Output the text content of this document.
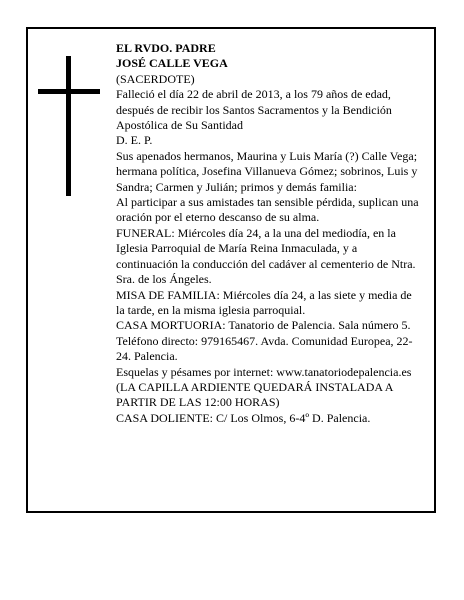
EL RVDO. PADRE

JOSÉ CALLE VEGA

(SACERDOTE)

Falleció el día 22 de abril de 2013, a los 79 años de edad, después de recibir los Santos Sacramentos y la Bendición Apostólica de Su Santidad

D. E. P.

Sus apenados hermanos, Maurina y Luis María (?) Calle Vega; hermana política, Josefina Villanueva Gómez; sobrinos, Luis y Sandra; Carmen y Julián; primos y demás familia:

Al participar a sus amistades tan sensible pérdida, suplican una oración por el eterno descanso de su alma.

FUNERAL: Miércoles día 24, a la una del mediodía, en la Iglesia Parroquial de María Reina Inmaculada, y a continuación la conducción del cadáver al cementerio de Ntra. Sra. de los Ángeles.

MISA DE FAMILIA: Miércoles día 24, a las siete y media de la tarde, en la misma iglesia parroquial.

CASA MORTUORIA: Tanatorio de Palencia. Sala número 5. Teléfono directo: 979165467. Avda. Comunidad Europea, 22-24. Palencia.

Esquelas y pésames por internet: www.tanatoriodepalencia.es (LA CAPILLA ARDIENTE QUEDARÁ INSTALADA A PARTIR DE LAS 12:00 HORAS)

CASA DOLIENTE: C/ Los Olmos, 6-4º D. Palencia.
